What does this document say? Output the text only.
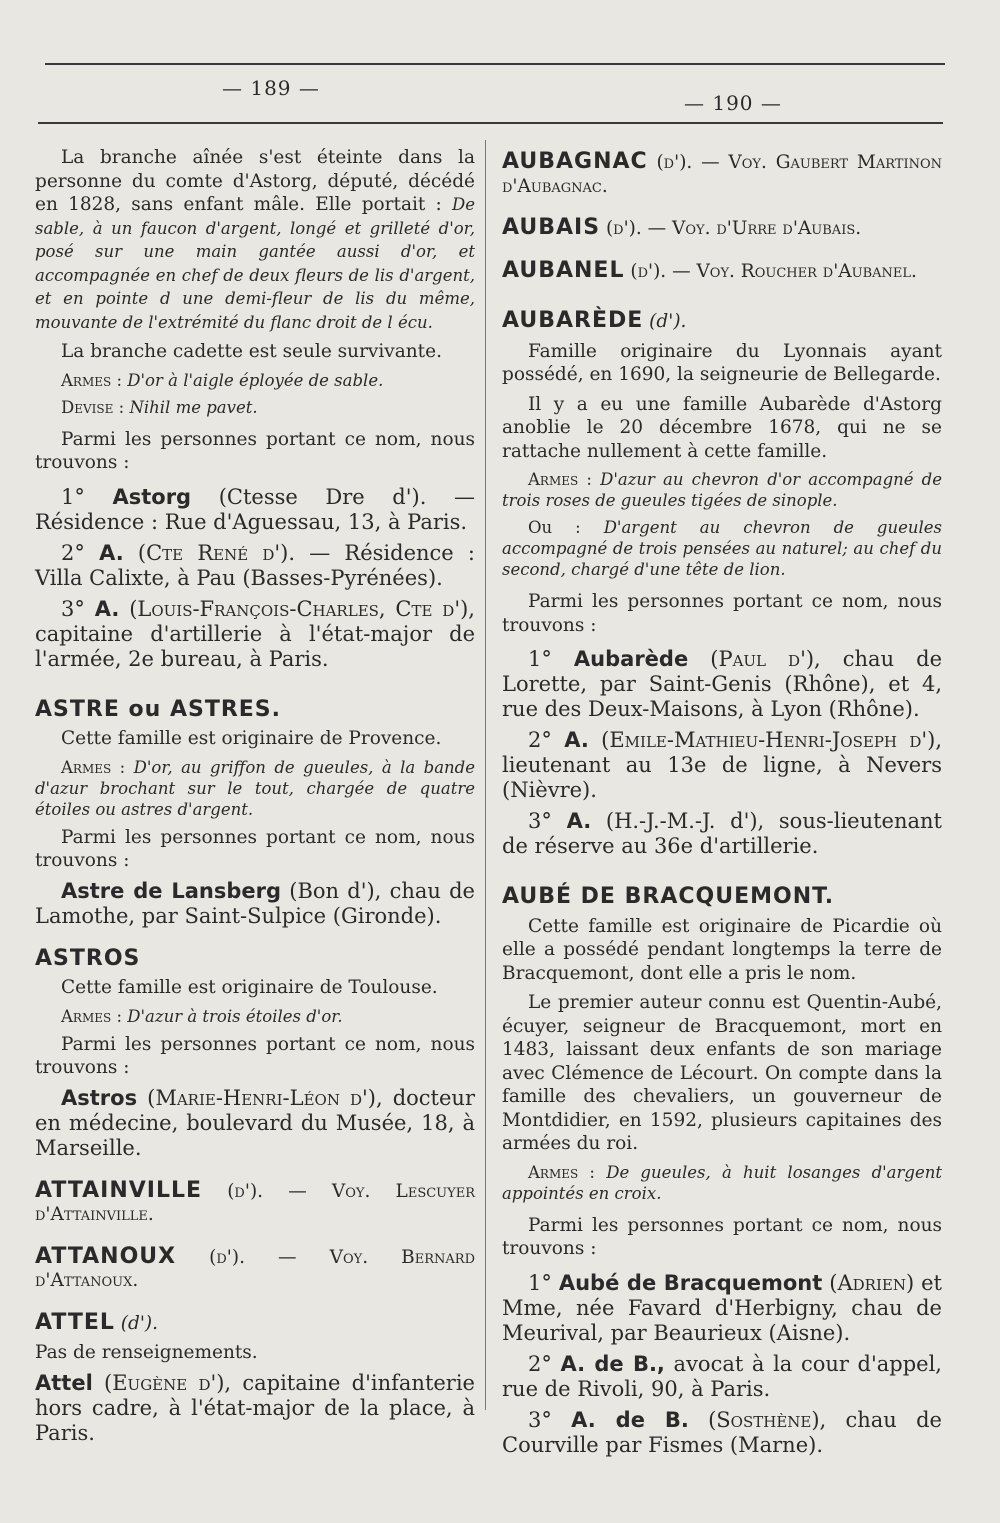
— 189 —
— 190 —

La branche aînée s'est éteinte dans la personne du comte d'Astorg, député, décédé en 1828, sans enfant mâle. Elle portait : De sable, à un faucon d'argent, longé et grilleté d'or, posé sur une main gantée aussi d'or, et accompagnée en chef de deux fleurs de lis d'argent, et en pointe d une demi-fleur de lis du même, mouvante de l'extrémité du flanc droit de l écu.

La branche cadette est seule survivante.

Armes : D'or à l'aigle éployée de sable.

Devise : Nihil me pavet.

Parmi les personnes portant ce nom, nous trouvons :

1° Astorg (Ctesse Dre d'). — Résidence : Rue d'Aguessau, 13, à Paris.

2° A. (Cte René d'). — Résidence : Villa Calixte, à Pau (Basses-Pyrénées).

3° A. (Louis-François-Charles, Cte d'), capitaine d'artillerie à l'état-major de l'armée, 2e bureau, à Paris.

ASTRE ou ASTRES.

Cette famille est originaire de Provence.

Armes : D'or, au griffon de gueules, à la bande d'azur brochant sur le tout, chargée de quatre étoiles ou astres d'argent.

Parmi les personnes portant ce nom, nous trouvons :

Astre de Lansberg (Bon d'), chau de Lamothe, par Saint-Sulpice (Gironde).

ASTROS

Cette famille est originaire de Toulouse.

Armes : D'azur à trois étoiles d'or.

Parmi les personnes portant ce nom, nous trouvons :

Astros (Marie-Henri-Léon d'), docteur en médecine, boulevard du Musée, 18, à Marseille.

ATTAINVILLE (d'). — Voy. Lescuyer d'Attainville.

ATTANOUX (d'). — Voy. Bernard d'Attanoux.

ATTEL (d').

Pas de renseignements.

Attel (Eugène d'), capitaine d'infanterie hors cadre, à l'état-major de la place, à Paris.

AUBAGNAC (d'). — Voy. Gaubert Martinon d'Aubagnac.

AUBAIS (d'). — Voy. d'Urre d'Aubais.

AUBANEL (d'). — Voy. Roucher d'Aubanel.

AUBARÈDE (d').

Famille originaire du Lyonnais ayant possédé, en 1690, la seigneurie de Bellegarde.

Il y a eu une famille Aubarède d'Astorg anoblie le 20 décembre 1678, qui ne se rattache nullement à cette famille.

Armes : D'azur au chevron d'or accompagné de trois roses de gueules tigées de sinople.

Ou : D'argent au chevron de gueules accompagné de trois pensées au naturel; au chef du second, chargé d'une tête de lion.

Parmi les personnes portant ce nom, nous trouvons :

1° Aubarède (Paul d'), chau de Lorette, par Saint-Genis (Rhône), et 4, rue des Deux-Maisons, à Lyon (Rhône).

2° A. (Emile-Mathieu-Henri-Joseph d'), lieutenant au 13e de ligne, à Nevers (Nièvre).

3° A. (H.-J.-M.-J. d'), sous-lieutenant de réserve au 36e d'artillerie.

AUBÉ DE BRACQUEMONT.

Cette famille est originaire de Picardie où elle a possédé pendant longtemps la terre de Bracquemont, dont elle a pris le nom.

Le premier auteur connu est Quentin-Aubé, écuyer, seigneur de Bracquemont, mort en 1483, laissant deux enfants de son mariage avec Clémence de Lécourt. On compte dans la famille des chevaliers, un gouverneur de Montdidier, en 1592, plusieurs capitaines des armées du roi.

Armes : De gueules, à huit losanges d'argent appointés en croix.

Parmi les personnes portant ce nom, nous trouvons :

1° Aubé de Bracquemont (Adrien) et Mme, née Favard d'Herbigny, chau de Meurival, par Beaurieux (Aisne).

2° A. de B., avocat à la cour d'appel, rue de Rivoli, 90, à Paris.

3° A. de B. (Sosthène), chau de Courville par Fismes (Marne).
